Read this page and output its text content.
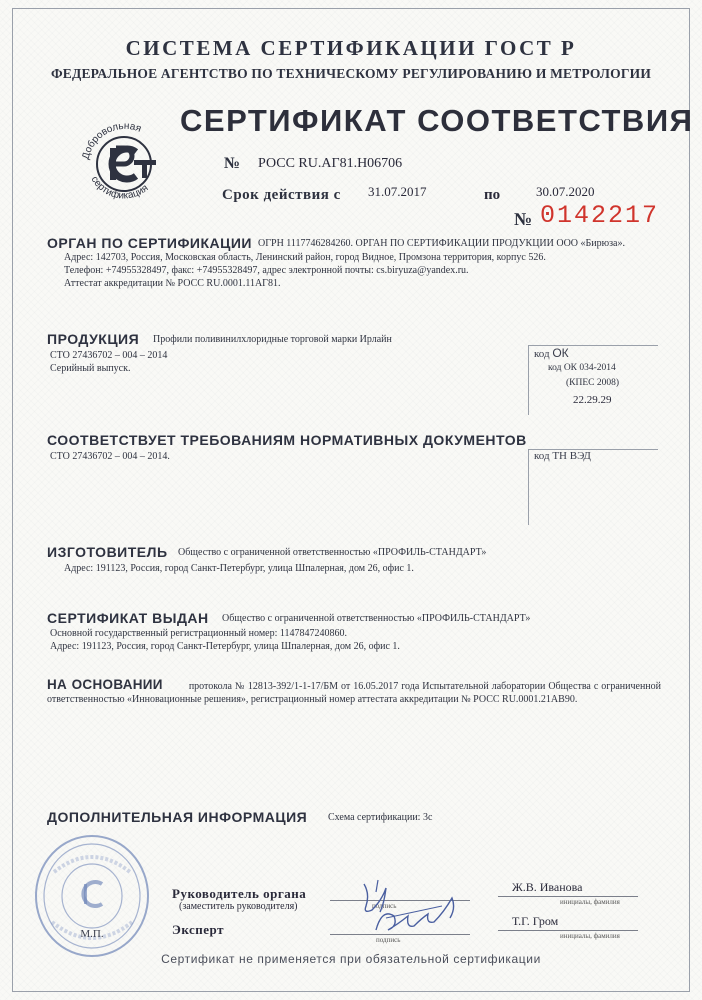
СИСТЕМА СЕРТИФИКАЦИИ ГОСТ Р
ФЕДЕРАЛЬНОЕ АГЕНТСТВО ПО ТЕХНИЧЕСКОМУ РЕГУЛИРОВАНИЮ И МЕТРОЛОГИИ
Добровольная
сертификация
СЕРТИФИКАТ СООТВЕТСТВИЯ
№ РОСС RU.АГ81.Н06706
Срок действия с 31.07.2017	по	30.07.2020
№ 0142217
ОРГАН ПО СЕРТИФИКАЦИИ ОГРН 1117746284260. ОРГАН ПО СЕРТИФИКАЦИИ ПРОДУКЦИИ ООО «Бирюза».
Адрес: 142703, Россия, Московская область, Ленинский район, город Видное, Промзона территория, корпус 526.
Телефон: +74955328497, факс: +74955328497, адрес электронной почты: cs.biryuza@yandex.ru.
Аттестат аккредитации № РОСС RU.0001.11АГ81.
ПРОДУКЦИЯ Профили поливинилхлоридные торговой марки Ирлайн
СТО 27436702 – 004 – 2014
Серийный выпуск.
код ОК
код ОК 034-2014
(КПЕС 2008)
22.29.29
СООТВЕТСТВУЕТ ТРЕБОВАНИЯМ НОРМАТИВНЫХ ДОКУМЕНТОВ
СТО 27436702 – 004 – 2014.	код ТН ВЭД
ИЗГОТОВИТЕЛЬ Общество с ограниченной ответственностью «ПРОФИЛЬ-СТАНДАРТ»
Адрес: 191123, Россия, город Санкт-Петербург, улица Шпалерная, дом 26, офис 1.
СЕРТИФИКАТ ВЫДАН Общество с ограниченной ответственностью «ПРОФИЛЬ-СТАНДАРТ»
Основной государственный регистрационный номер: 1147847240860.
Адрес: 191123, Россия, город Санкт-Петербург, улица Шпалерная, дом 26, офис 1.
НА ОСНОВАНИИ	протокола № 12813-392/1-1-17/БМ от 16.05.2017 года Испытательной лаборатории Общества с ограниченной ответственностью «Инновационные решения», регистрационный номер аттестата аккредитации № РОСС RU.0001.21АВ90.
ДОПОЛНИТЕЛЬНАЯ ИНФОРМАЦИЯ Схема сертификации: 3с
М.П.
Руководитель органа
(заместитель руководителя)
Эксперт
подпись
Ж.В. Иванова
инициалы, фамилия
подпись
Т.Г. Гром
инициалы, фамилия
Сертификат не применяется при обязательной сертификации
